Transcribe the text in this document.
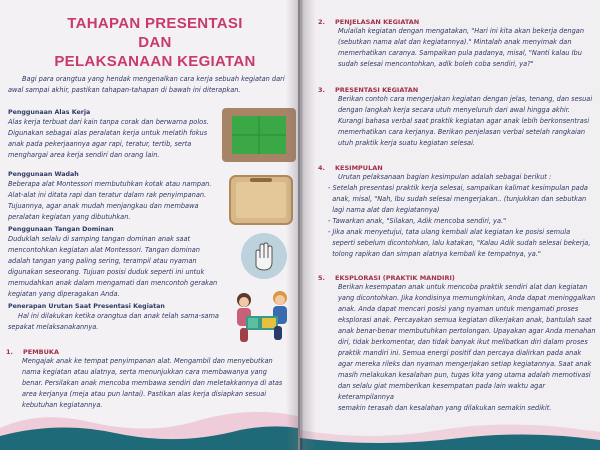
TAHAPAN PRESENTASI DAN
PELAKSANAAN KEGIATAN
Bagi para orangtua yang hendak mengenalkan cara kerja sebuah kegiatan dari
awal sampai akhir, pastikan tahapan-tahapan di bawah ini diterapkan.
Penggunaan Alas Kerja
Alas kerja terbuat dari kain tanpa corak dan berwarna polos.
Digunakan sebagai alas peralatan kerja untuk melatih fokus
anak pada pekerjaannya agar rapi, teratur, tertib, serta
menghargai area kerja sendiri dan orang lain.
Penggunaan Wadah
Beberapa alat Montessori membutuhkan kotak atau nampan.
Alat-alat ini ditata rapi dan teratur dalam rak penyimpanan.
Tujuannya, agar anak mudah menjangkau dan membawa
peralatan kegiatan yang dibutuhkan.
Penggunaan Tangan Dominan
Duduklah selalu di samping tangan dominan anak saat
mencontohkan kegiatan alat Montessori. Tangan dominan
adalah tangan yang paling sering, terampil atau nyaman
digunakan seseorang. Tujuan posisi duduk seperti ini untuk
memudahkan anak dalam mengamati dan mencontoh gerakan
kegiatan yang diperagakan Anda.
Penerapan Urutan Saat Presentasi Kegiatan
Hal ini dilakukan ketika orangtua dan anak telah sama-sama
sepakat melaksanakannya.
1. PEMBUKA
Mengajak anak ke tempat penyimpanan alat. Mengambil dan menyebutkan
nama kegiatan atau alatnya, serta menunjukkan cara membawanya yang
benar. Persilakan anak mencoba membawa sendiri dan meletakkannya di atas
area kerjanya (meja atau pun lantai). Pastikan alas kerja disiapkan sesuai
kebutuhan kegiatannya.
2. PENJELASAN KEGIATAN
Mulailah kegiatan dengan mengatakan, "Hari ini kita akan bekerja dengan
(sebutkan nama alat dan kegiatannya)." Mintalah anak menyimak dan
memerhatikan caranya. Sampaikan pula padanya, misal, "Nanti kalau Ibu
sudah selesai mencontohkan, adik boleh coba sendiri, ya?"
3. PRESENTASI KEGIATAN
Berikan contoh cara mengerjakan kegiatan dengan jelas, tenang, dan sesuai
dengan langkah kerja secara utuh menyeluruh dari awal hingga akhir.
Kurangi bahasa verbal saat praktik kegiatan agar anak lebih berkonsentrasi
memerhatikan cara kerjanya. Berikan penjelasan verbal setelah rangkaian
utuh praktik kerja suatu kegiatan selesai.
4. KESIMPULAN
Urutan pelaksanaan bagian kesimpulan adalah sebagai berikut :
- Setelah presentasi praktik kerja selesai, sampaikan kalimat kesimpulan pada
anak, misal, "Nah, Ibu sudah selesai mengerjakan.. (tunjukkan dan sebutkan
lagi nama alat dan kegiatannya)
- Tawarkan anak, "Silakan, Adik mencoba sendiri, ya."
- Jika anak menyetujui, tata ulang kembali alat kegiatan ke posisi semula
seperti sebelum dicontohkan, lalu katakan, "Kalau Adik sudah selesai bekerja,
tolong rapikan dan simpan alatnya kembali ke tempatnya, ya."
5. EKSPLORASI (PRAKTIK MANDIRI)
Berikan kesempatan anak untuk mencoba praktik sendiri alat dan kegiatan
yang dicontohkan. Jika kondisinya memungkinkan, Anda dapat meninggalkan
anak. Anda dapat mencari posisi yang nyaman untuk mengamati proses
eksplorasi anak. Percayakan semua kegiatan dikerjakan anak, bantulah saat
anak benar-benar membutuhkan pertolongan. Upayakan agar Anda menahan
diri, tidak berkomentar, dan tidak banyak ikut melibatkan diri dalam proses
praktik mandiri ini. Semua energi positif dan percaya dialirkan pada anak
agar mereka rileks dan nyaman mengerjakan setiap kegiatannya. Saat anak
masih melakukan kesalahan pun, tugas kita yang utama adalah memotivasi
dan selalu giat memberikan kesempatan pada lain waktu agar keterampilannya
semakin terasah dan kesalahan yang dilakukan semakin sedikit.
